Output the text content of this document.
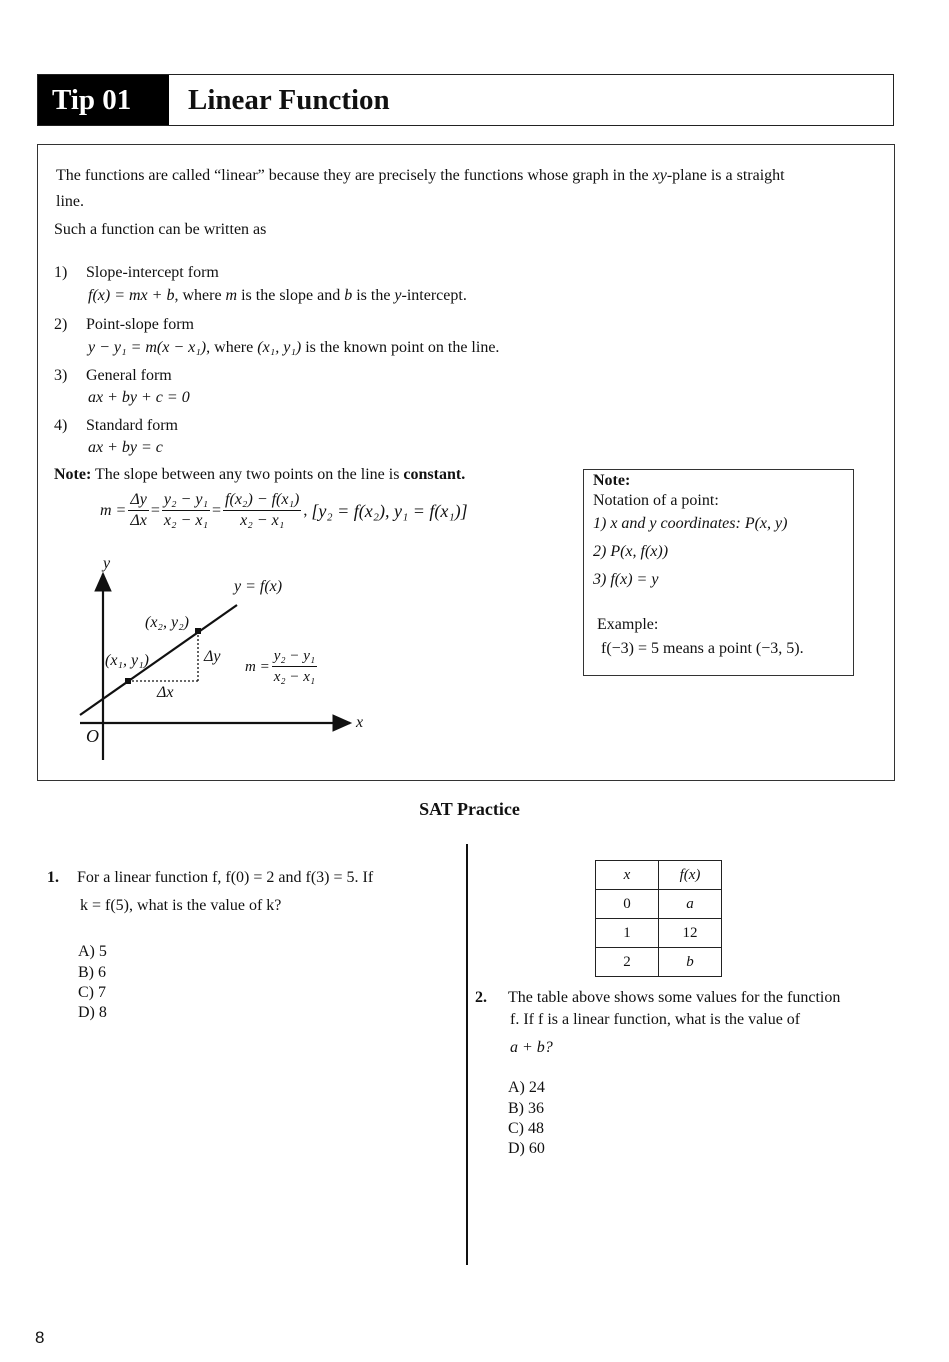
Tip 01	Linear Function
The functions are called “linear” because they are precisely the functions whose graph in the xy-plane is a straight
line.
Such a function can be written as
1) Slope-intercept form
f(x) = mx + b, where m is the slope and b is the y-intercept.
2) Point-slope form
y − y₁ = m(x − x₁), where (x₁, y₁) is the known point on the line.
3) General form
ax + by + c = 0
4) Standard form
ax + by = c
Note: The slope between any two points on the line is constant.
$m = \frac{\Delta y}{\Delta x} = \frac{\text{y₂ − y₁}}{\text{x₂ − x₁}} = \frac{\text{f(x₂) − f(x₁)}}{\text{x₂ − x₁}}$ , [y₂ = f(x₂), y₁ = f(x₁)]
y
x
O
y = f(x)
(x₁, y₁)
(x₂, y₂)
Δx
Δy
$m = \frac{\text{y₂ − y₁}}{\text{x₂ − x₁}}$
Note:
Notation of a point:
1) x and y coordinates: P(x, y)
2) P(x, f(x))
3) f(x) = y
Example:
f(−3) = 5 means a point (−3, 5).
SAT Practice
1. For a linear function f, f(0) = 2 and f(3) = 5. If
k = f(5), what is the value of k?
A) 5
B) 6
C) 7
D) 8
x	f(x)
0	a
1	12
2	b
2. The table above shows some values for the function
f. If f is a linear function, what is the value of
a + b?
A) 24
B) 36
C) 48
D) 60
8
